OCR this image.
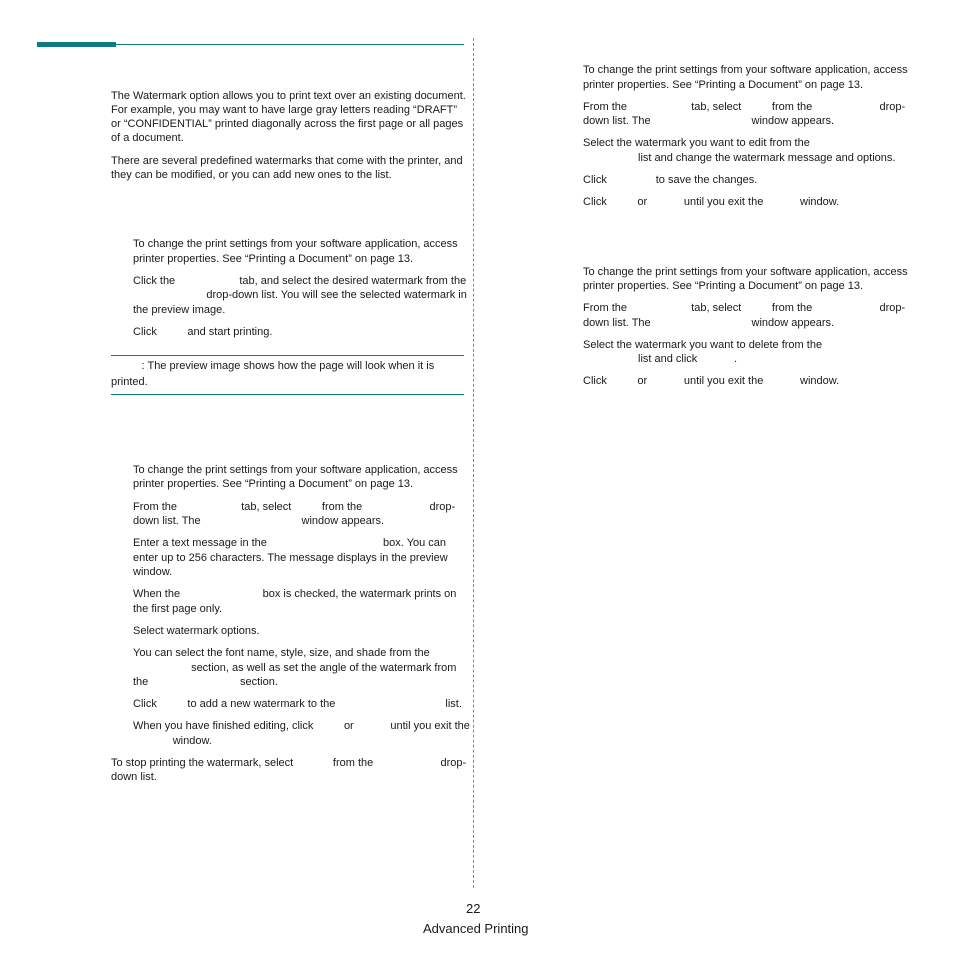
The Watermark option allows you to print text over an existing document.

For example, you may want to have large gray letters reading “DRAFT”

or “CONFIDENTIAL” printed diagonally across the first page or all pages

of a document.

There are several predefined watermarks that come with the printer, and

they can be modified, or you can add new ones to the list.

To change the print settings from your software application, access

printer properties. See “Printing a Document” on page 13.

Click the                     tab, and select the desired watermark from the

drop-down list. You will see the selected watermark in

the preview image.

Click          and start printing.

: The preview image shows how the page will look when it is

printed.

To change the print settings from your software application, access

printer properties. See “Printing a Document” on page 13.

From the                     tab, select          from the                      drop-

down list. The                                 window appears.

Enter a text message in the                                      box. You can

enter up to 256 characters. The message displays in the preview

window.

When the                           box is checked, the watermark prints on

the first page only.

Select watermark options.

You can select the font name, style, size, and shade from the

section, as well as set the angle of the watermark from

the                              section.

Click          to add a new watermark to the                                    list.

When you have finished editing, click          or            until you exit the

window.

To stop printing the watermark, select             from the                      drop-

down list.

To change the print settings from your software application, access

printer properties. See “Printing a Document” on page 13.

From the                     tab, select          from the                      drop-

down list. The                                 window appears.

Select the watermark you want to edit from the

list and change the watermark message and options.

Click                to save the changes.

Click          or            until you exit the            window.

To change the print settings from your software application, access

printer properties. See “Printing a Document” on page 13.

From the                     tab, select          from the                      drop-

down list. The                                 window appears.

Select the watermark you want to delete from the

list and click            .

Click          or            until you exit the            window.

22

Advanced Printing
